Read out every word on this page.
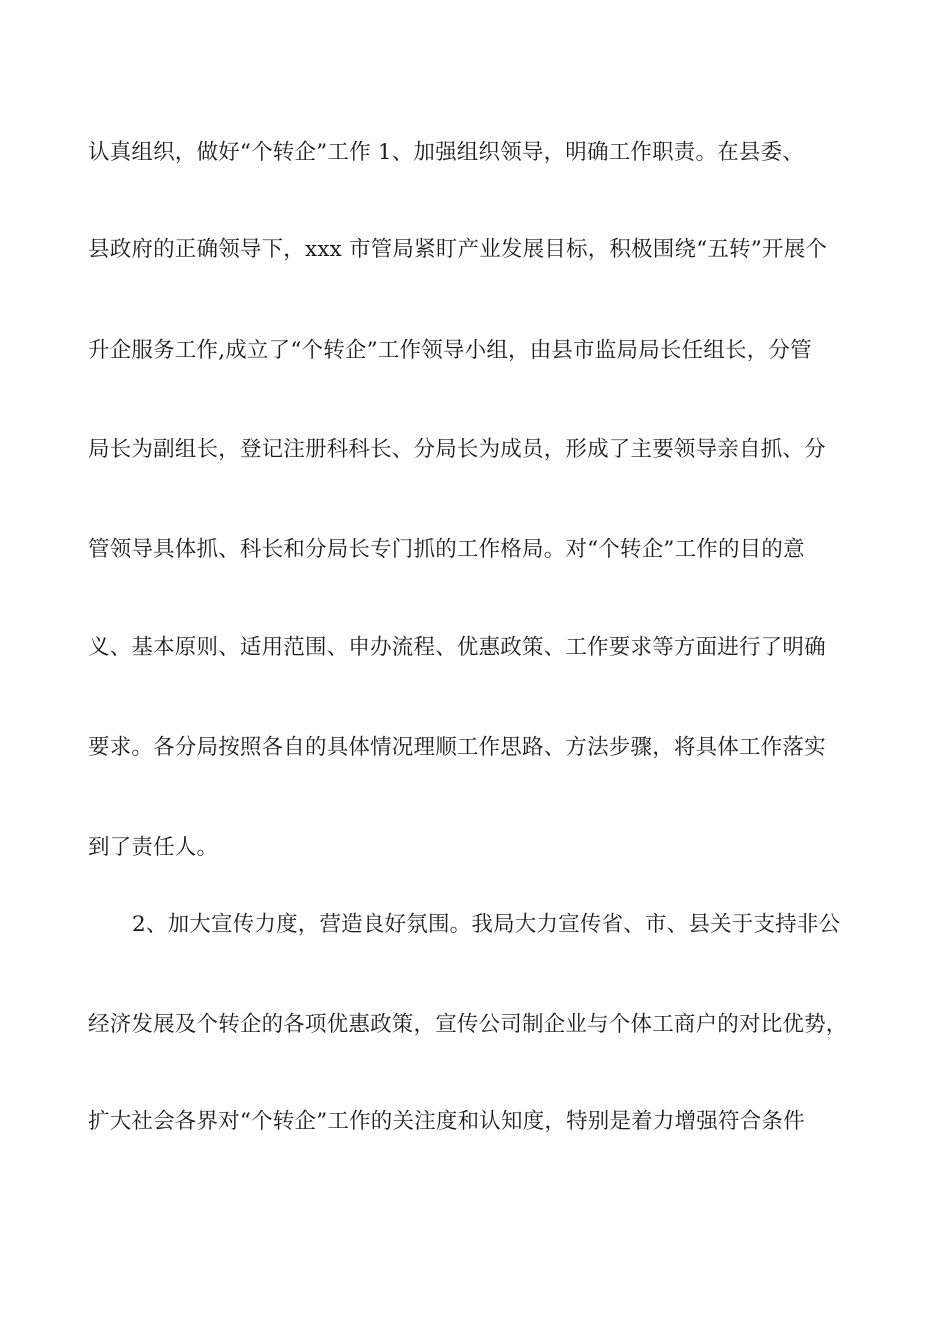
认真组织，做好“个转企”工作 1、加强组织领导，明确工作职责。在县委、
县政府的正确领导下，xxx 市管局紧盯产业发展目标，积极围绕“五转”开展个
升企服务工作,成立了“个转企”工作领导小组，由县市监局局长任组长，分管
局长为副组长，登记注册科科长、分局长为成员，形成了主要领导亲自抓、分
管领导具体抓、科长和分局长专门抓的工作格局。对“个转企”工作的目的意
义、基本原则、适用范围、申办流程、优惠政策、工作要求等方面进行了明确
要求。各分局按照各自的具体情况理顺工作思路、方法步骤，将具体工作落实
到了责任人。
2、加大宣传力度，营造良好氛围。我局大力宣传省、市、县关于支持非公
经济发展及个转企的各项优惠政策，宣传公司制企业与个体工商户的对比优势，
扩大社会各界对“个转企”工作的关注度和认知度，特别是着力增强符合条件
